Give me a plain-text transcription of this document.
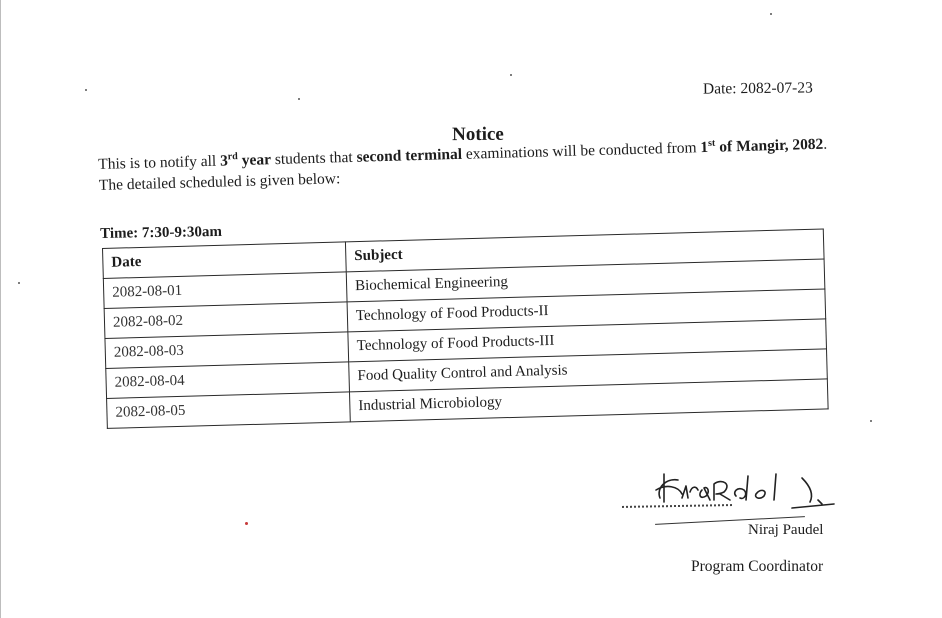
Date: 2082-07-23
Notice
This is to notify all 3rd year students that second terminal examinations will be conducted from 1st of Mangir, 2082. The detailed scheduled is given below:
Time: 7:30-9:30am
Date	Subject
2082-08-01	Biochemical Engineering
2082-08-02	Technology of Food Products-II
2082-08-03	Technology of Food Products-III
2082-08-04	Food Quality Control and Analysis
2082-08-05	Industrial Microbiology
Niraj Paudel
Program Coordinator
